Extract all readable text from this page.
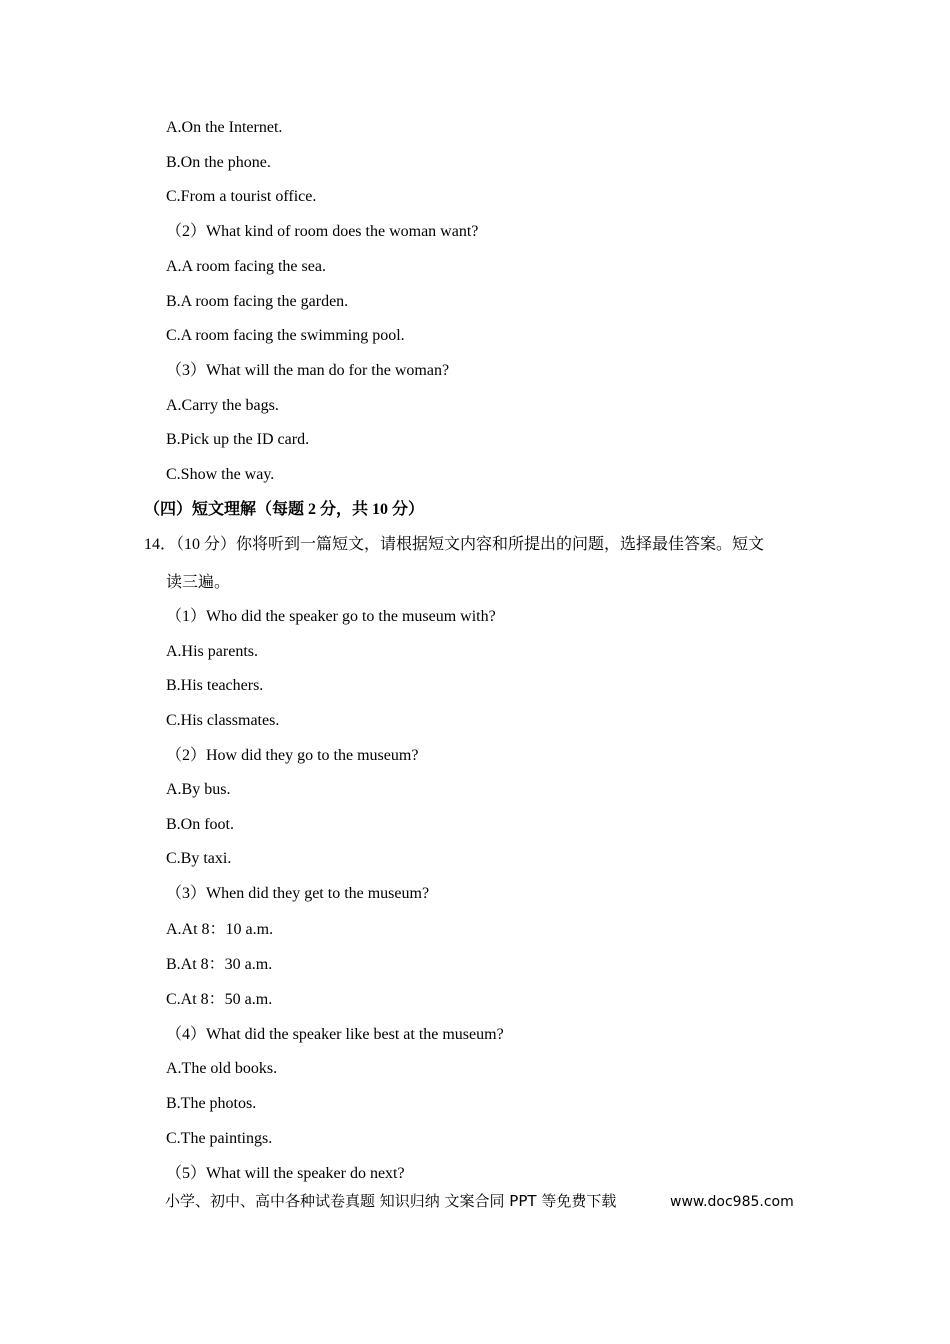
A.On the Internet.
B.On the phone.
C.From a tourist office.
（2）What kind of room does the woman want?
A.A room facing the sea.
B.A room facing the garden.
C.A room facing the swimming pool.
（3）What will the man do for the woman?
A.Carry the bags.
B.Pick up the ID card.
C.Show the way.
（四）短文理解（每题 2 分，共 10 分）
14．（10 分）你将听到一篇短文，请根据短文内容和所提出的问题，选择最佳答案。短文
读三遍。
（1）Who did the speaker go to the museum with?
A.His parents.
B.His teachers.
C.His classmates.
（2）How did they go to the museum?
A.By bus.
B.On foot.
C.By taxi.
（3）When did they get to the museum?
A.At 8：10 a.m.
B.At 8：30 a.m.
C.At 8：50 a.m.
（4）What did the speaker like best at the museum?
A.The old books.
B.The photos.
C.The paintings.
（5）What will the speaker do next?
小学、初中、高中各种试卷真题 知识归纳 文案合同 PPT 等免费下载	www.doc985.com
